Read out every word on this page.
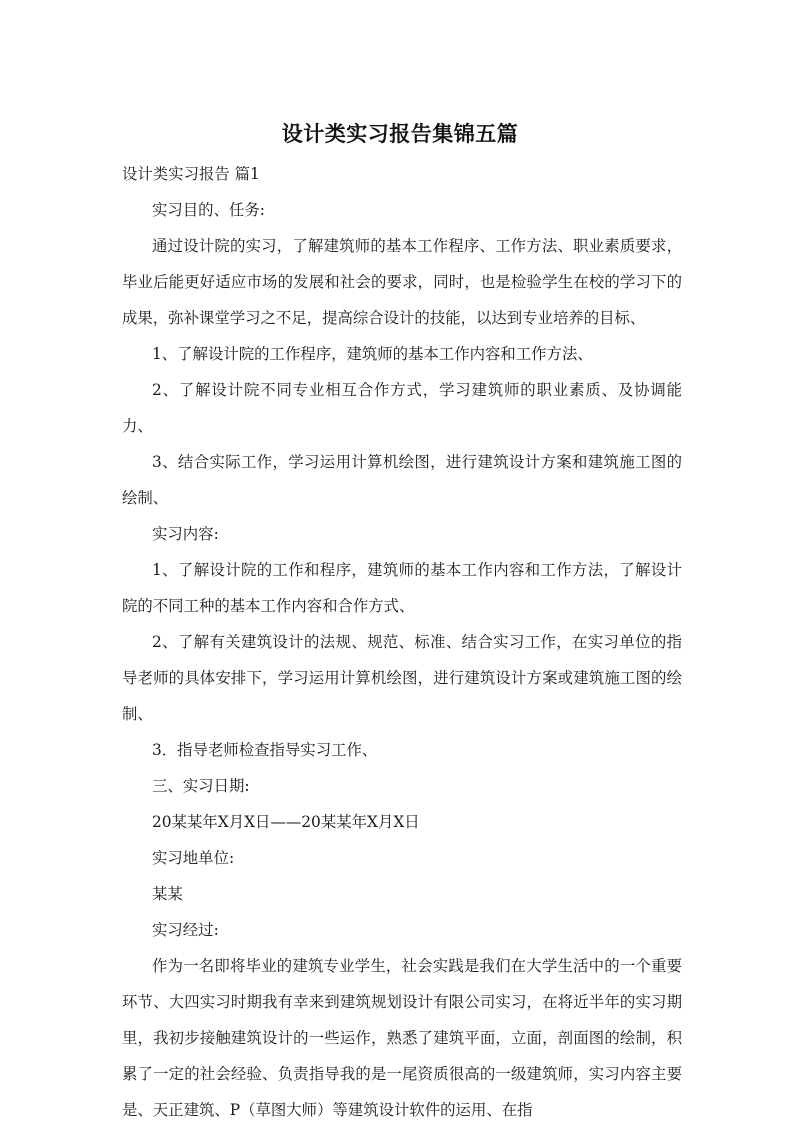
设计类实习报告集锦五篇

设计类实习报告 篇1

实习目的、任务:

通过设计院的实习，了解建筑师的基本工作程序、工作方法、职业素质要求，毕业后能更好适应市场的发展和社会的要求，同时，也是检验学生在校的学习下的成果，弥补课堂学习之不足，提高综合设计的技能，以达到专业培养的目标、

1、了解设计院的工作程序，建筑师的基本工作内容和工作方法、

2、了解设计院不同专业相互合作方式，学习建筑师的职业素质、及协调能力、

3、结合实际工作，学习运用计算机绘图，进行建筑设计方案和建筑施工图的绘制、

实习内容:

1、了解设计院的工作和程序，建筑师的基本工作内容和工作方法，了解设计院的不同工种的基本工作内容和合作方式、

2、了解有关建筑设计的法规、规范、标准、结合实习工作，在实习单位的指导老师的具体安排下，学习运用计算机绘图，进行建筑设计方案或建筑施工图的绘制、

3．指导老师检查指导实习工作、

三、实习日期:

20某某年X月X日——20某某年X月X日

实习地单位:

某某

实习经过:

作为一名即将毕业的建筑专业学生，社会实践是我们在大学生活中的一个重要环节、大四实习时期我有幸来到建筑规划设计有限公司实习，在将近半年的实习期里，我初步接触建筑设计的一些运作，熟悉了建筑平面，立面，剖面图的绘制，积累了一定的社会经验、负责指导我的是一尾资质很高的一级建筑师，实习内容主要是、天正建筑、P（草图大师）等建筑设计软件的运用、在指
